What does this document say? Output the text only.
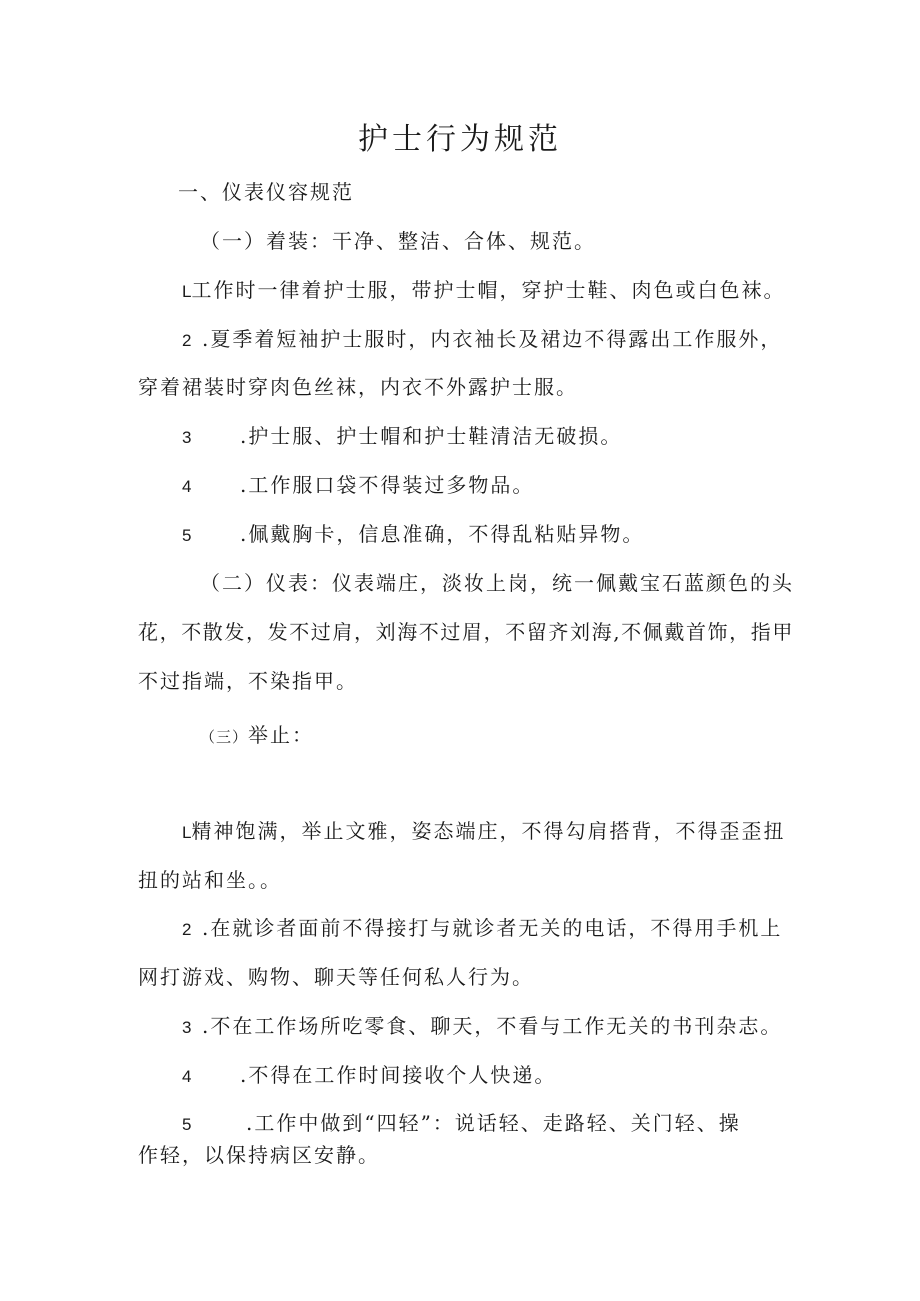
护士行为规范
一、仪表仪容规范
（一）着装：干净、整洁、合体、规范。
L工作时一律着护士服，带护士帽，穿护士鞋、肉色或白色袜。
2 .夏季着短袖护士服时，内衣袖长及裙边不得露出工作服外，
穿着裙装时穿肉色丝袜，内衣不外露护士服。
3 .护士服、护士帽和护士鞋清洁无破损。
4 .工作服口袋不得装过多物品。
5 .佩戴胸卡，信息准确，不得乱粘贴异物。
（二）仪表：仪表端庄，淡妆上岗，统一佩戴宝石蓝颜色的头
花，不散发，发不过肩，刘海不过眉，不留齐刘海,不佩戴首饰，指甲
不过指端，不染指甲。
（三）举止：
L精神饱满，举止文雅，姿态端庄，不得勾肩搭背，不得歪歪扭
扭的站和坐。。
2 .在就诊者面前不得接打与就诊者无关的电话，不得用手机上
网打游戏、购物、聊天等任何私人行为。
3 .不在工作场所吃零食、聊天，不看与工作无关的书刊杂志。
4 .不得在工作时间接收个人快递。
5	.工作中做到“四轻”：说话轻、走路轻、关门轻、操
作轻，以保持病区安静。
